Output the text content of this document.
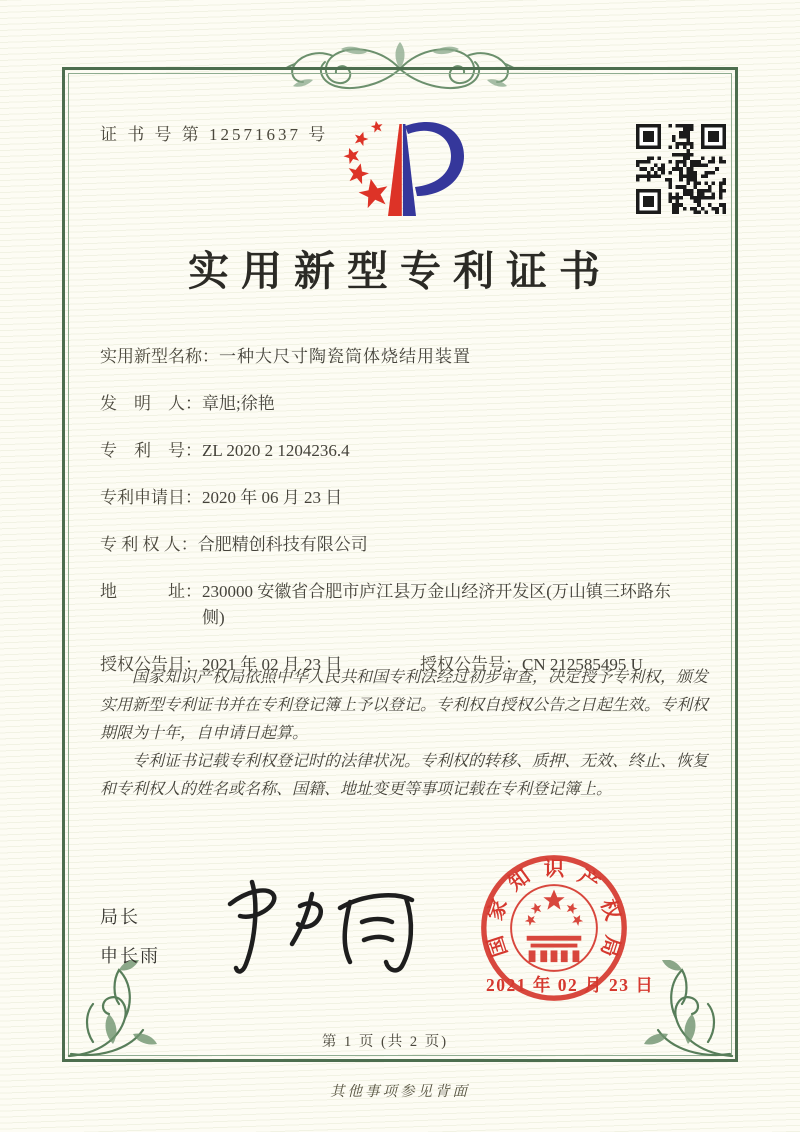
证 书 号 第 12571637 号
实用新型专利证书
实用新型名称：一种大尺寸陶瓷筒体烧结用装置
发　明　人：章旭;徐艳
专　利　号：ZL 2020 2 1204236.4
专利申请日：2020 年 06 月 23 日
专 利 权 人：合肥精创科技有限公司
地　　　址：230000 安徽省合肥市庐江县万金山经济开发区(万山镇三环路东侧)
授权公告日：2021 年 02 月 23 日	授权公告号：CN 212585495 U

国家知识产权局依照中华人民共和国专利法经过初步审查，决定授予专利权，颁发实用新型专利证书并在专利登记簿上予以登记。专利权自授权公告之日起生效。专利权期限为十年，自申请日起算。

专利证书记载专利权登记时的法律状况。专利权的转移、质押、无效、终止、恢复和专利权人的姓名或名称、国籍、地址变更等事项记载在专利登记簿上。

局长
申长雨	国
家
知 识 产
权
局
2021 年 02 月 23 日
第 1 页 (共 2 页)
其他事项参见背面
